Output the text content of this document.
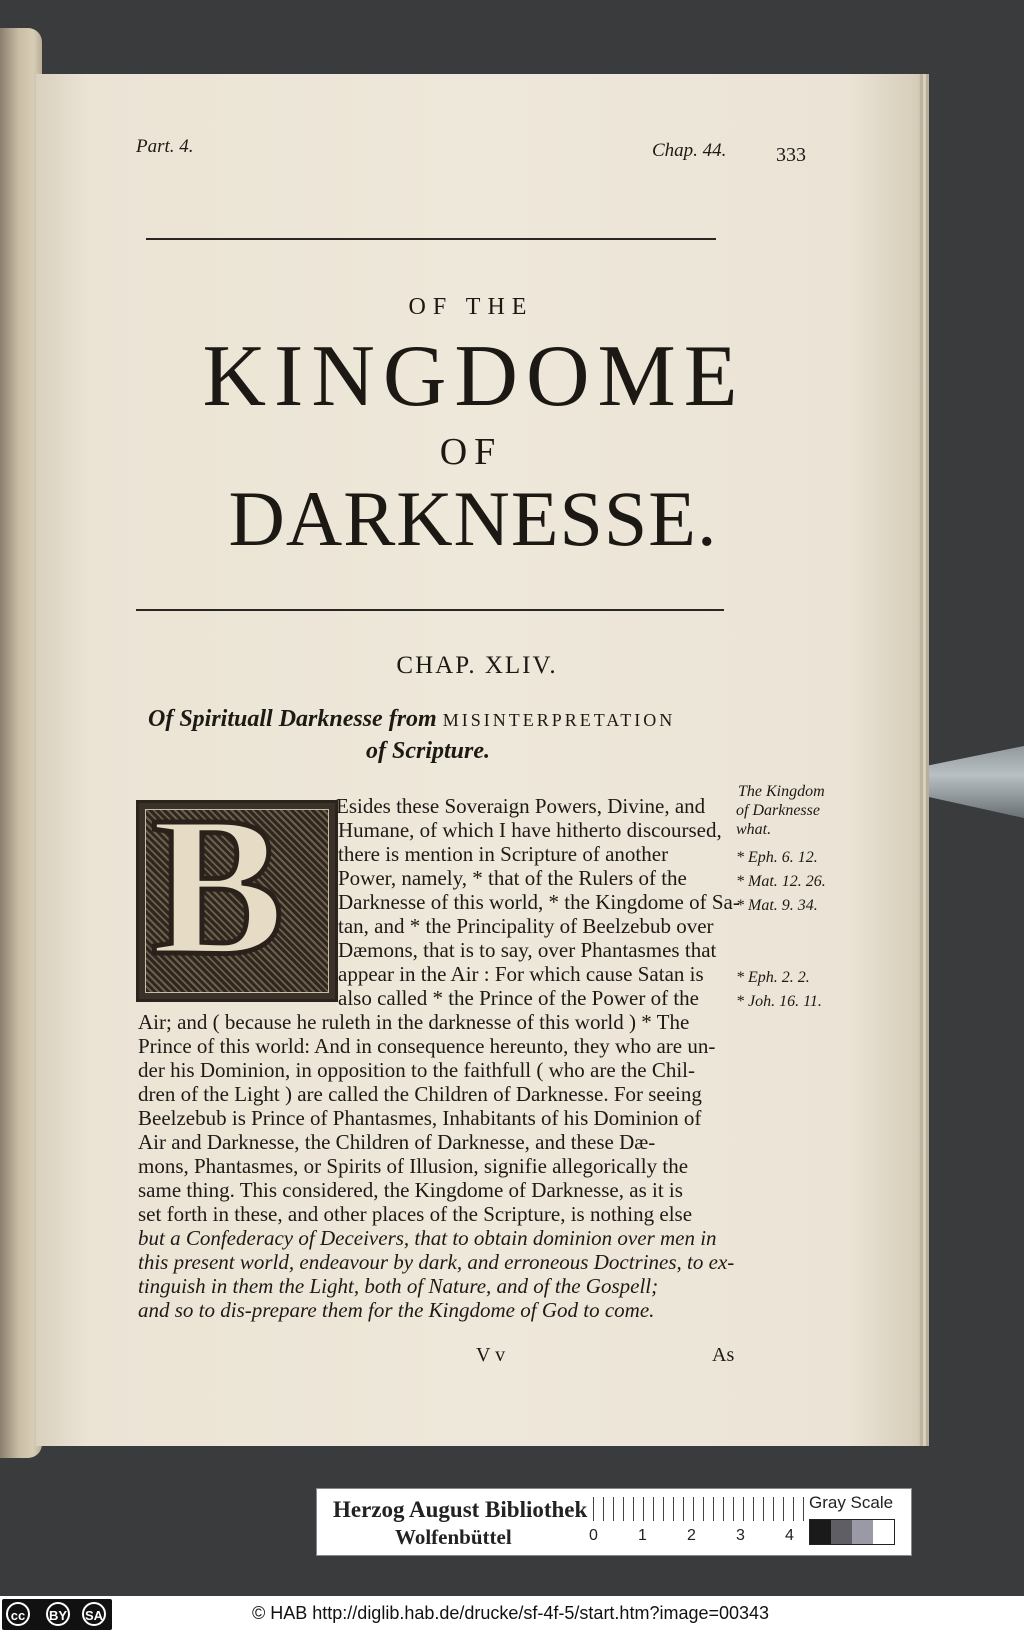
Part. 4.	Chap. 44. 333
OF THE
KINGDOME
OF
DARKNESSE.
CHAP. XLIV.
Of Spirituall Darknesse from MISINTERPRETATION
of Scripture.
B Esides these Soveraign Powers, Divine, and
Humane, of which I have hitherto discoursed,
there is mention in Scripture of another
Power, namely, * that of the Rulers of the
Darknesse of this world, * the Kingdome of Sa-
tan, and * the Principality of Beelzebub over
Dæmons, that is to say, over Phantasmes that
appear in the Air : For which cause Satan is
also called * the Prince of the Power of the
Air; and ( because he ruleth in the darknesse of this world ) * The
Prince of this world: And in consequence hereunto, they who are un-
der his Dominion, in opposition to the faithfull ( who are the Chil-
dren of the Light ) are called the Children of Darknesse. For seeing
Beelzebub is Prince of Phantasmes, Inhabitants of his Dominion of
Air and Darknesse, the Children of Darknesse, and these Dæ-
mons, Phantasmes, or Spirits of Illusion, signifie allegorically the
same thing. This considered, the Kingdome of Darknesse, as it is
set forth in these, and other places of the Scripture, is nothing else
but a Confederacy of Deceivers, that to obtain dominion over men in
this present world, endeavour by dark, and erroneous Doctrines, to ex-
tinguish in them the Light, both of Nature, and of the Gospell;
and so to dis-prepare them for the Kingdome of God to come.
The Kingdom
of Darknesse
what.
* Eph. 6. 12.
* Mat. 12. 26.
* Mat. 9. 34.
* Eph. 2. 2.
* Joh. 16. 11.
V v	As
Herzog August Bibliothek
Wolfenbüttel	0	1	2	3	4
Gray Scale
cc	BY SA	© HAB http://diglib.hab.de/drucke/sf-4f-5/start.htm?image=00343
